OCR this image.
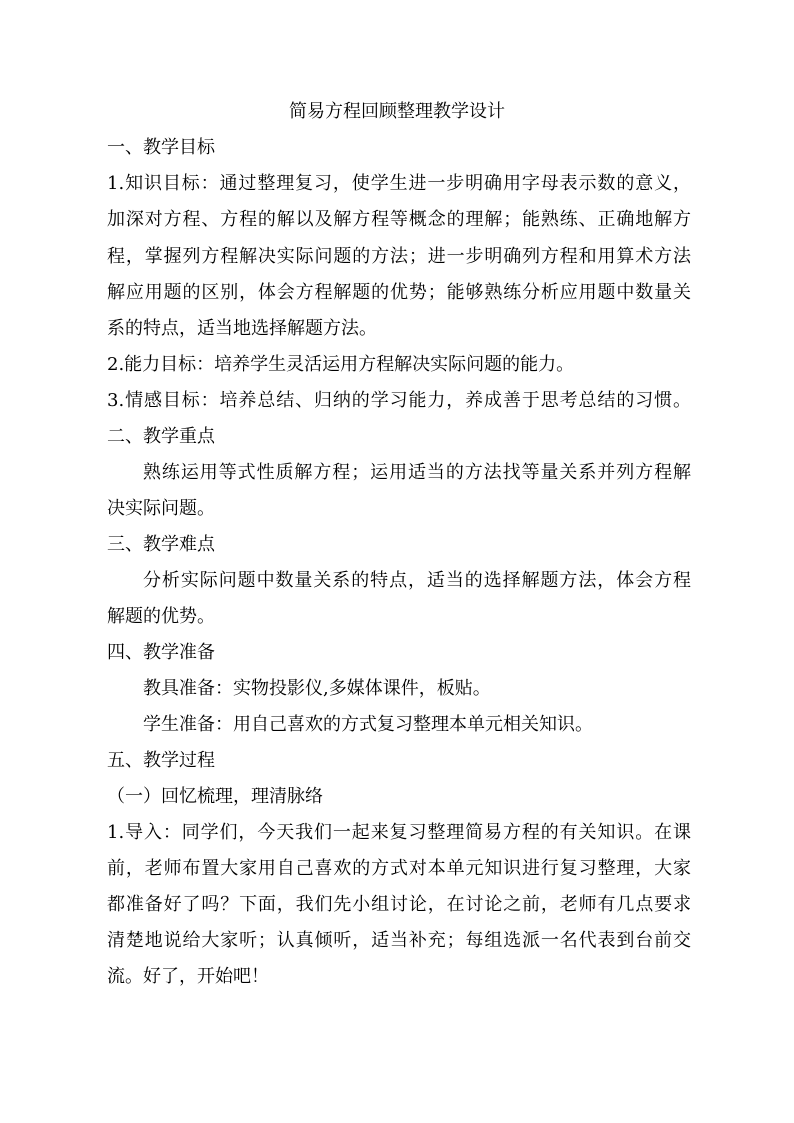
简易方程回顾整理教学设计
一、教学目标
1.知识目标：通过整理复习，使学生进一步明确用字母表示数的意义，
加深对方程、方程的解以及解方程等概念的理解；能熟练、正确地解方
程，掌握列方程解决实际问题的方法；进一步明确列方程和用算术方法
解应用题的区别，体会方程解题的优势；能够熟练分析应用题中数量关
系的特点，适当地选择解题方法。
2.能力目标：培养学生灵活运用方程解决实际问题的能力。
3.情感目标：培养总结、归纳的学习能力，养成善于思考总结的习惯。
二、教学重点
熟练运用等式性质解方程；运用适当的方法找等量关系并列方程解
决实际问题。
三、教学难点
分析实际问题中数量关系的特点，适当的选择解题方法，体会方程
解题的优势。
四、教学准备
教具准备：实物投影仪,多媒体课件，板贴。
学生准备：用自己喜欢的方式复习整理本单元相关知识。
五、教学过程
（一）回忆梳理，理清脉络
1.导入：同学们，今天我们一起来复习整理简易方程的有关知识。在课
前，老师布置大家用自己喜欢的方式对本单元知识进行复习整理，大家
都准备好了吗？下面，我们先小组讨论，在讨论之前，老师有几点要求
清楚地说给大家听；认真倾听，适当补充；每组选派一名代表到台前交
流。好了，开始吧！
